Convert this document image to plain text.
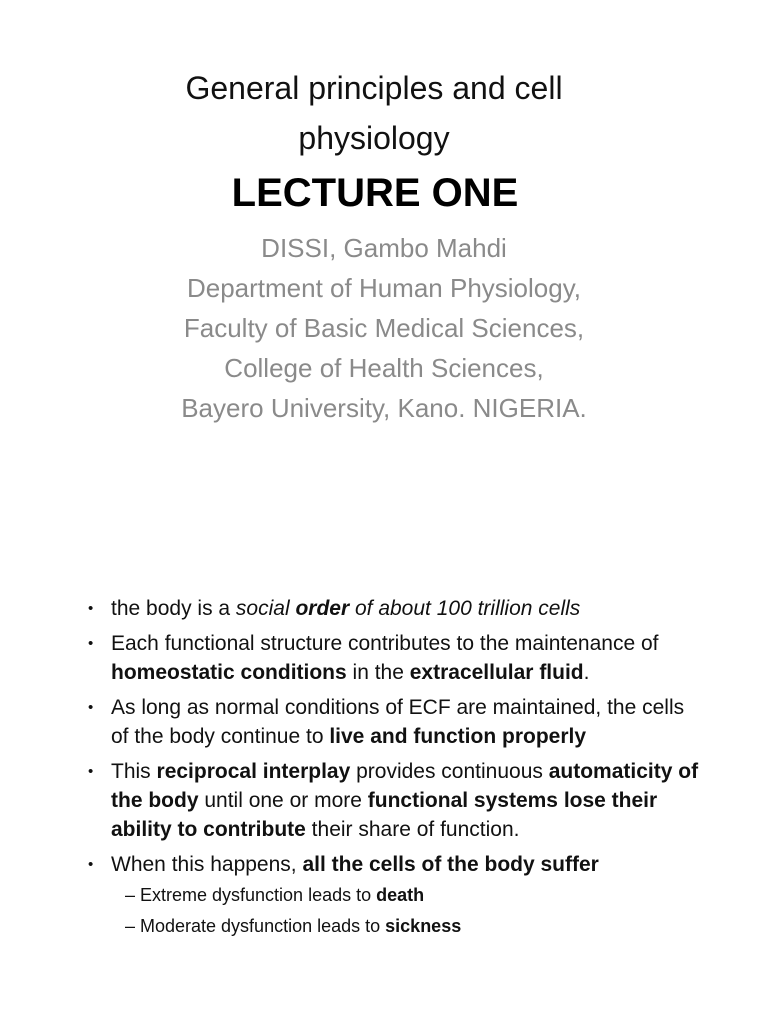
General principles and cell
physiology
LECTURE ONE
DISSI, Gambo Mahdi
Department of Human Physiology,
Faculty of Basic Medical Sciences,
College of Health Sciences,
Bayero University, Kano. NIGERIA.
• the body is a social order of about 100 trillion cells
• Each functional structure contributes to the maintenance of homeostatic conditions in the extracellular fluid.
• As long as normal conditions of ECF are maintained, the cells of the body continue to live and function properly
• This reciprocal interplay provides continuous automaticity of the body until one or more functional systems lose their ability to contribute their share of function.
• When this happens, all the cells of the body suffer
– Extreme dysfunction leads to death
– Moderate dysfunction leads to sickness
